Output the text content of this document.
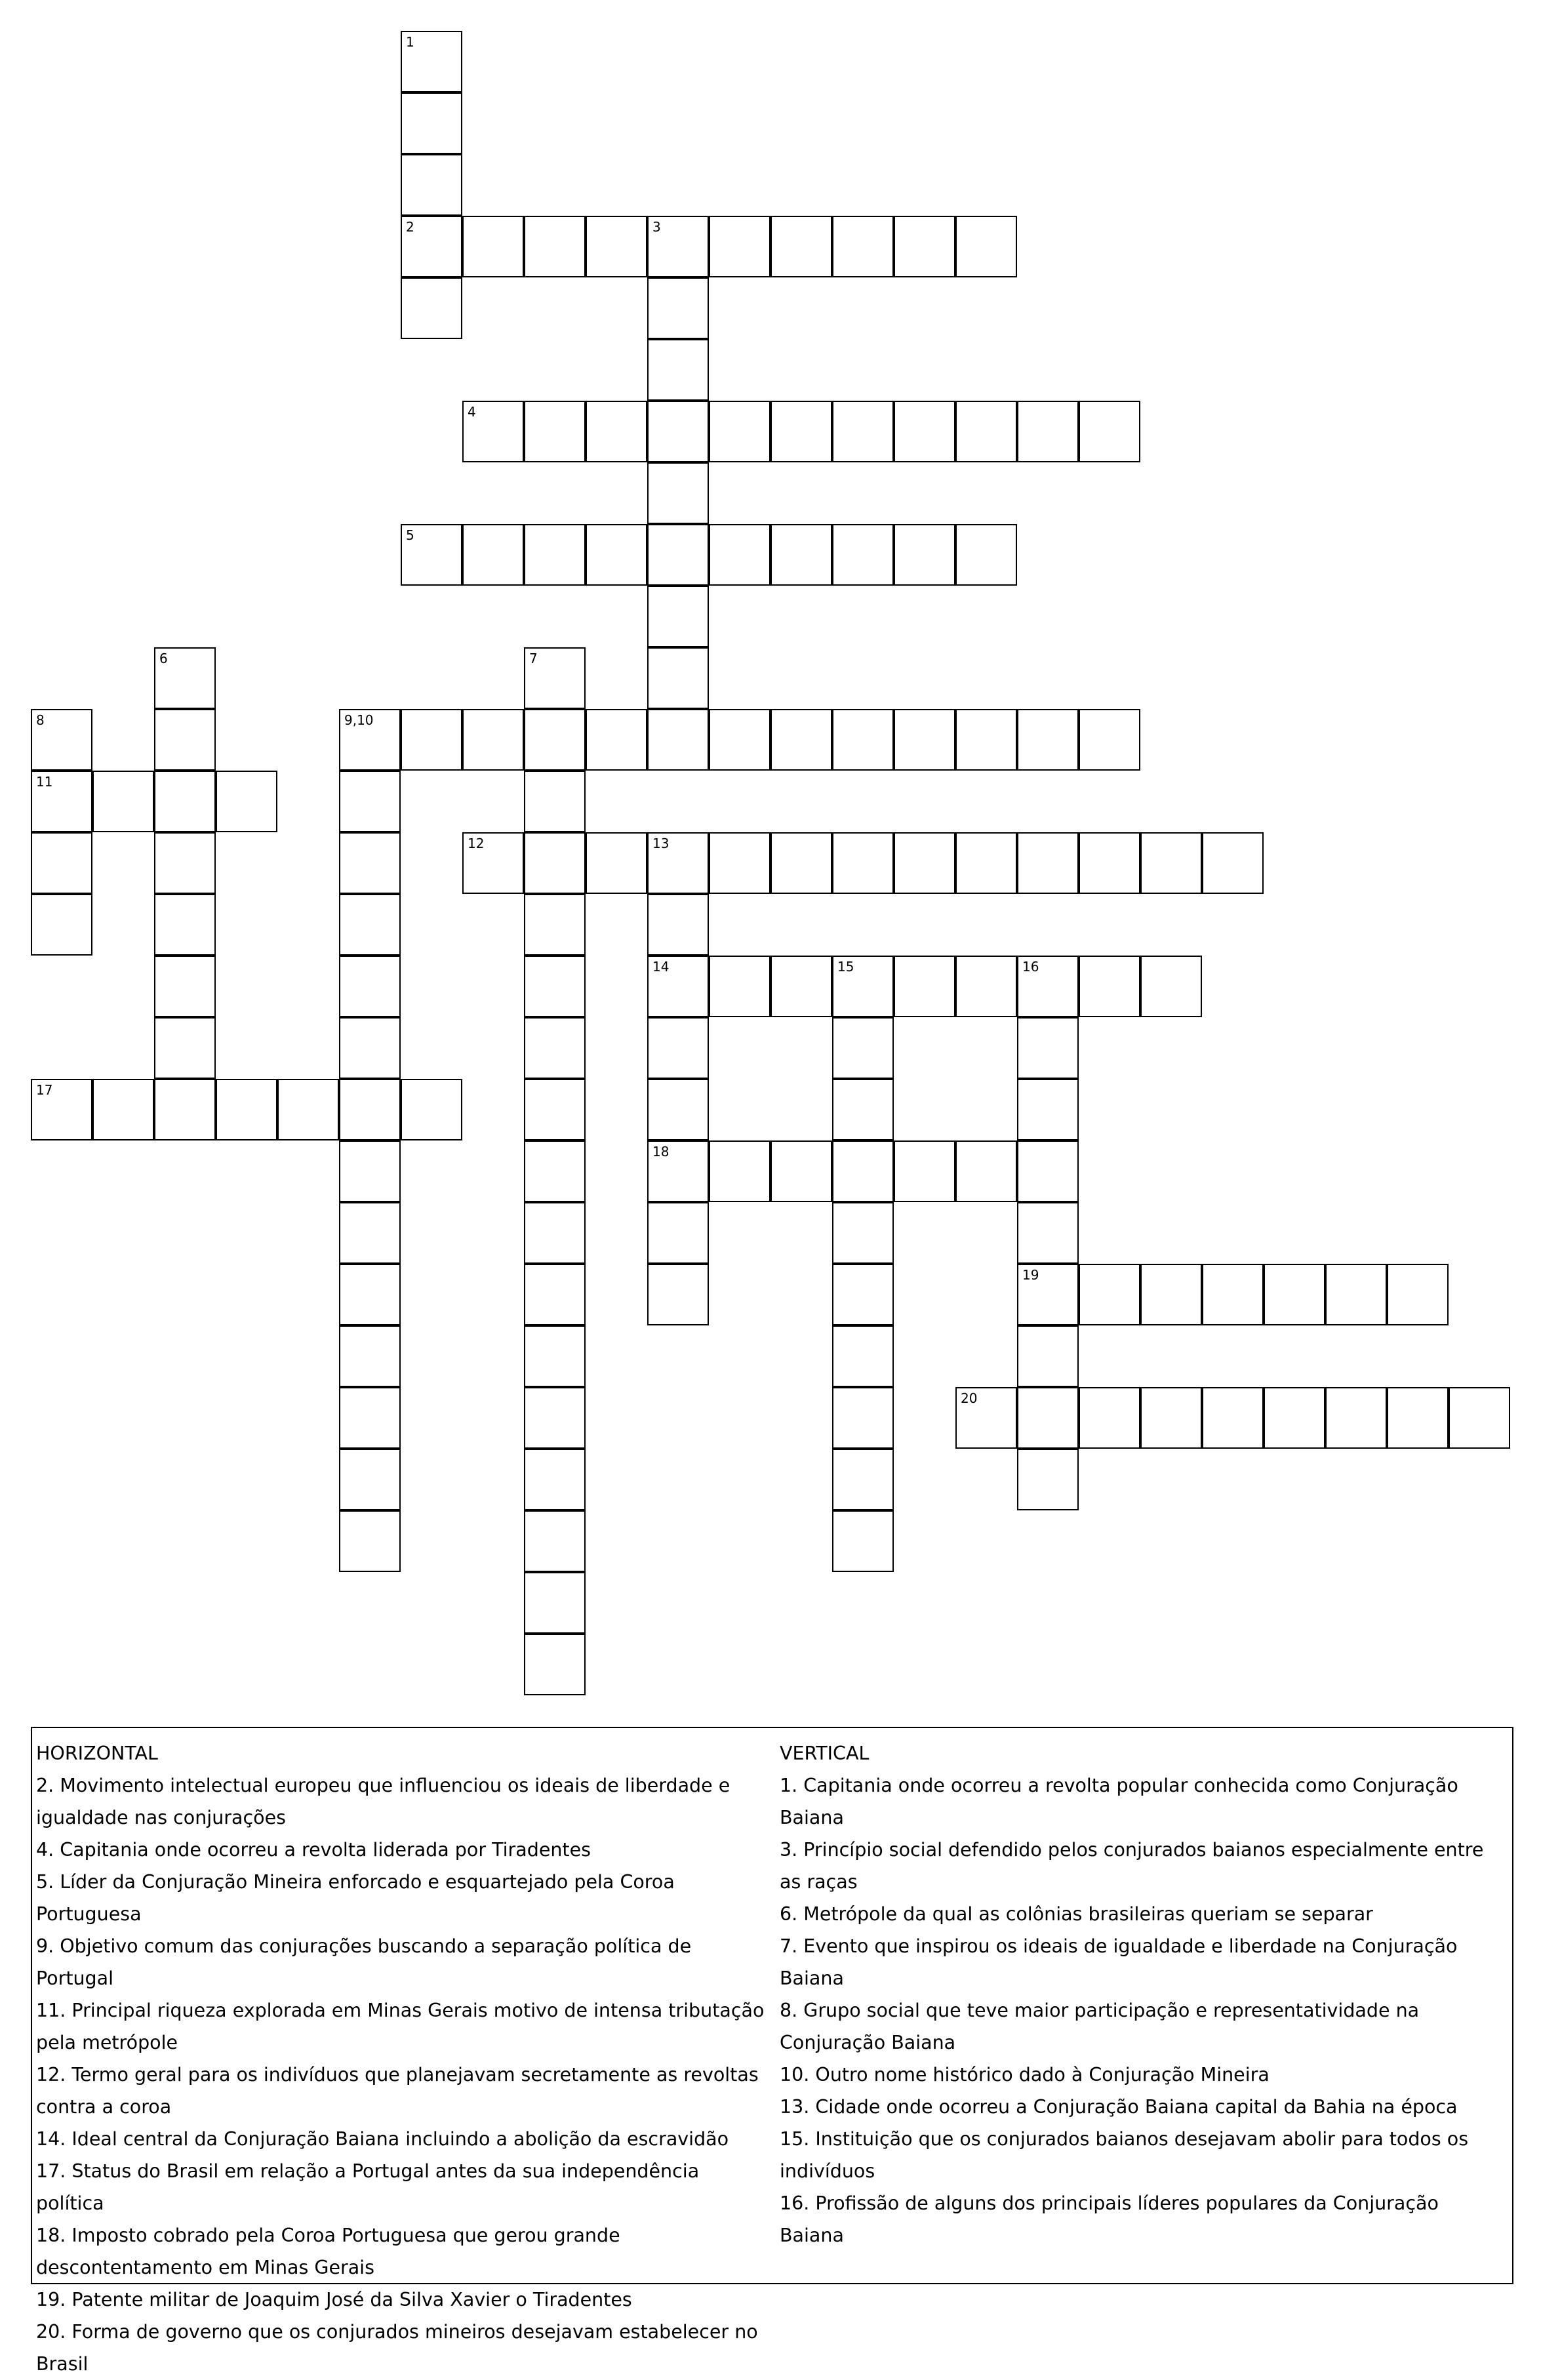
1
2	3
4
5
6	7
8
11
9,10
12	13
14
18
15	16
19
17
20
HORIZONTAL
2. Movimento intelectual europeu que influenciou os ideais de liberdade e igualdade nas conjurações
4. Capitania onde ocorreu a revolta liderada por Tiradentes
5. Líder da Conjuração Mineira enforcado e esquartejado pela Coroa Portuguesa
9. Objetivo comum das conjurações buscando a separação política de Portugal
11. Principal riqueza explorada em Minas Gerais motivo de intensa tributação pela metrópole
12. Termo geral para os indivíduos que planejavam secretamente as revoltas contra a coroa
14. Ideal central da Conjuração Baiana incluindo a abolição da escravidão
17. Status do Brasil em relação a Portugal antes da sua independência política
18. Imposto cobrado pela Coroa Portuguesa que gerou grande descontentamento em Minas Gerais
19. Patente militar de Joaquim José da Silva Xavier o Tiradentes
20. Forma de governo que os conjurados mineiros desejavam estabelecer no Brasil
VERTICAL
1. Capitania onde ocorreu a revolta popular conhecida como Conjuração Baiana
3. Princípio social defendido pelos conjurados baianos especialmente entre as raças
6. Metrópole da qual as colônias brasileiras queriam se separar
7. Evento que inspirou os ideais de igualdade e liberdade na Conjuração Baiana
8. Grupo social que teve maior participação e representatividade na Conjuração Baiana
10. Outro nome histórico dado à Conjuração Mineira
13. Cidade onde ocorreu a Conjuração Baiana capital da Bahia na época
15. Instituição que os conjurados baianos desejavam abolir para todos os indivíduos
16. Profissão de alguns dos principais líderes populares da Conjuração Baiana
